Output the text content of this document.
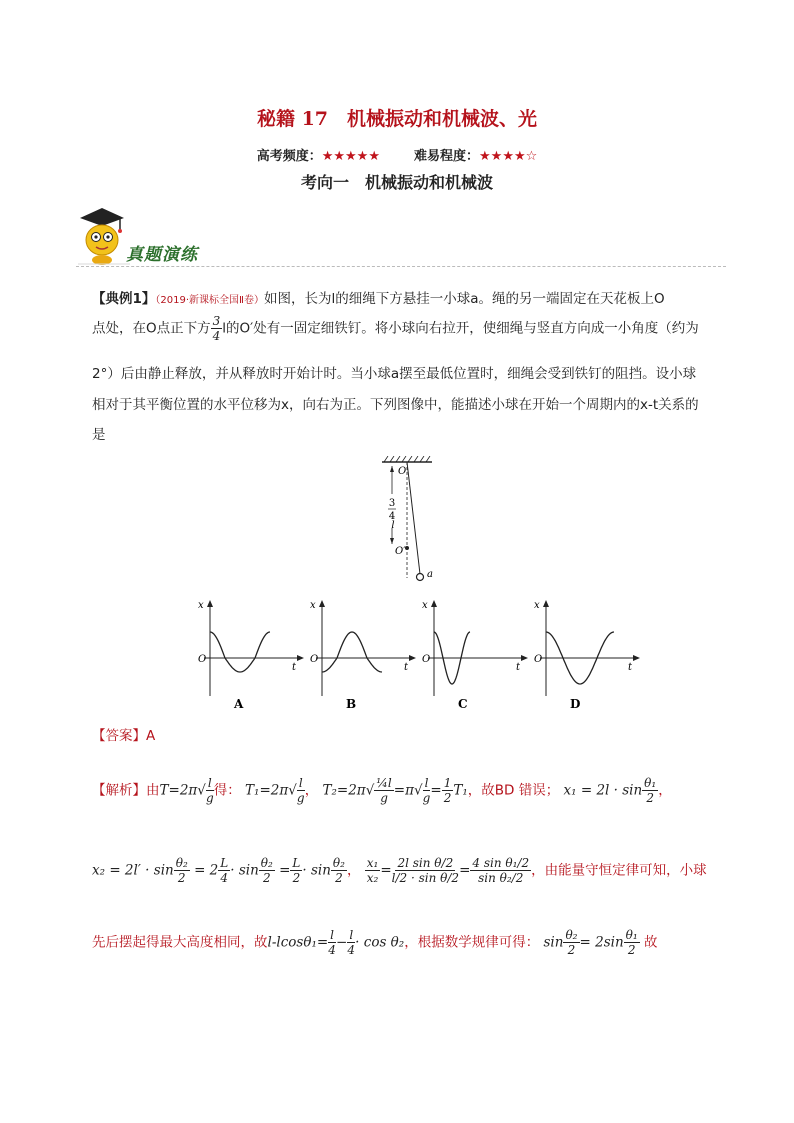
秘籍 17　机械振动和机械波、光
高考频度：★★★★★	难易程度：★★★★☆
考向一　机械振动和机械波
真题演练
【典例1】（2019·新课标全国Ⅱ卷）如图，长为l的细绳下方悬挂一小球a。绳的另一端固定在天花板上O
点处，在O点正下方 $\frac{3}{4}$ l的O′处有一固定细铁钉。将小球向右拉开，使细绳与竖直方向成一小角度（约为
2°）后由静止释放，并从释放时开始计时。当小球a摆至最低位置时，细绳会受到铁钉的阻挡。设小球
相对于其平衡位置的水平位移为x，向右为正。下列图像中，能描述小球在开始一个周期内的x-t关系的
是
3
4
l
O
O′
a
x
t
O
A
x
t
O
B
x
t
O
C
x
t
O
D
【答案】A
【解析】由$T=2\pi√ \frac{l}{g}$ 得： $T_1=2\pi√ \frac{l}{g}$ ， $T_2=2\pi√ \frac{\text{¼l}}{g} =\pi√ \frac{l}{g} = \frac{1}{2} T_1$，故BD 错误； $x_1 = 2l \cdot \sin \frac{\text{θ₁}}{2}$ ，
$x_2 = 2l' \cdot \sin \frac{\text{θ₂}}{2} = 2 \frac{L}{4} \cdot \sin \frac{\text{θ₂}}{2} = \frac{L}{2} \cdot \sin \frac{\text{θ₂}}{2}$ ， $\frac{\text{x₁}}{\text{x₂}} = \frac{\text{2l sin θ/2}}{\text{l/2 · sin θ/2}} = \frac{\text{4 sin θ₁/2}}{\text{sin θ₂/2}}$ ，由能量守恒定律可知，小球
先后摆起得最大高度相同，故$l-lcos\theta_1= \frac{l}{4} - \frac{l}{4} \cdot \cos \theta_2$，根据数学规律可得： $\sin \frac{\text{θ₂}}{2} = 2\sin \frac{\text{θ₁}}{2}$ 故
